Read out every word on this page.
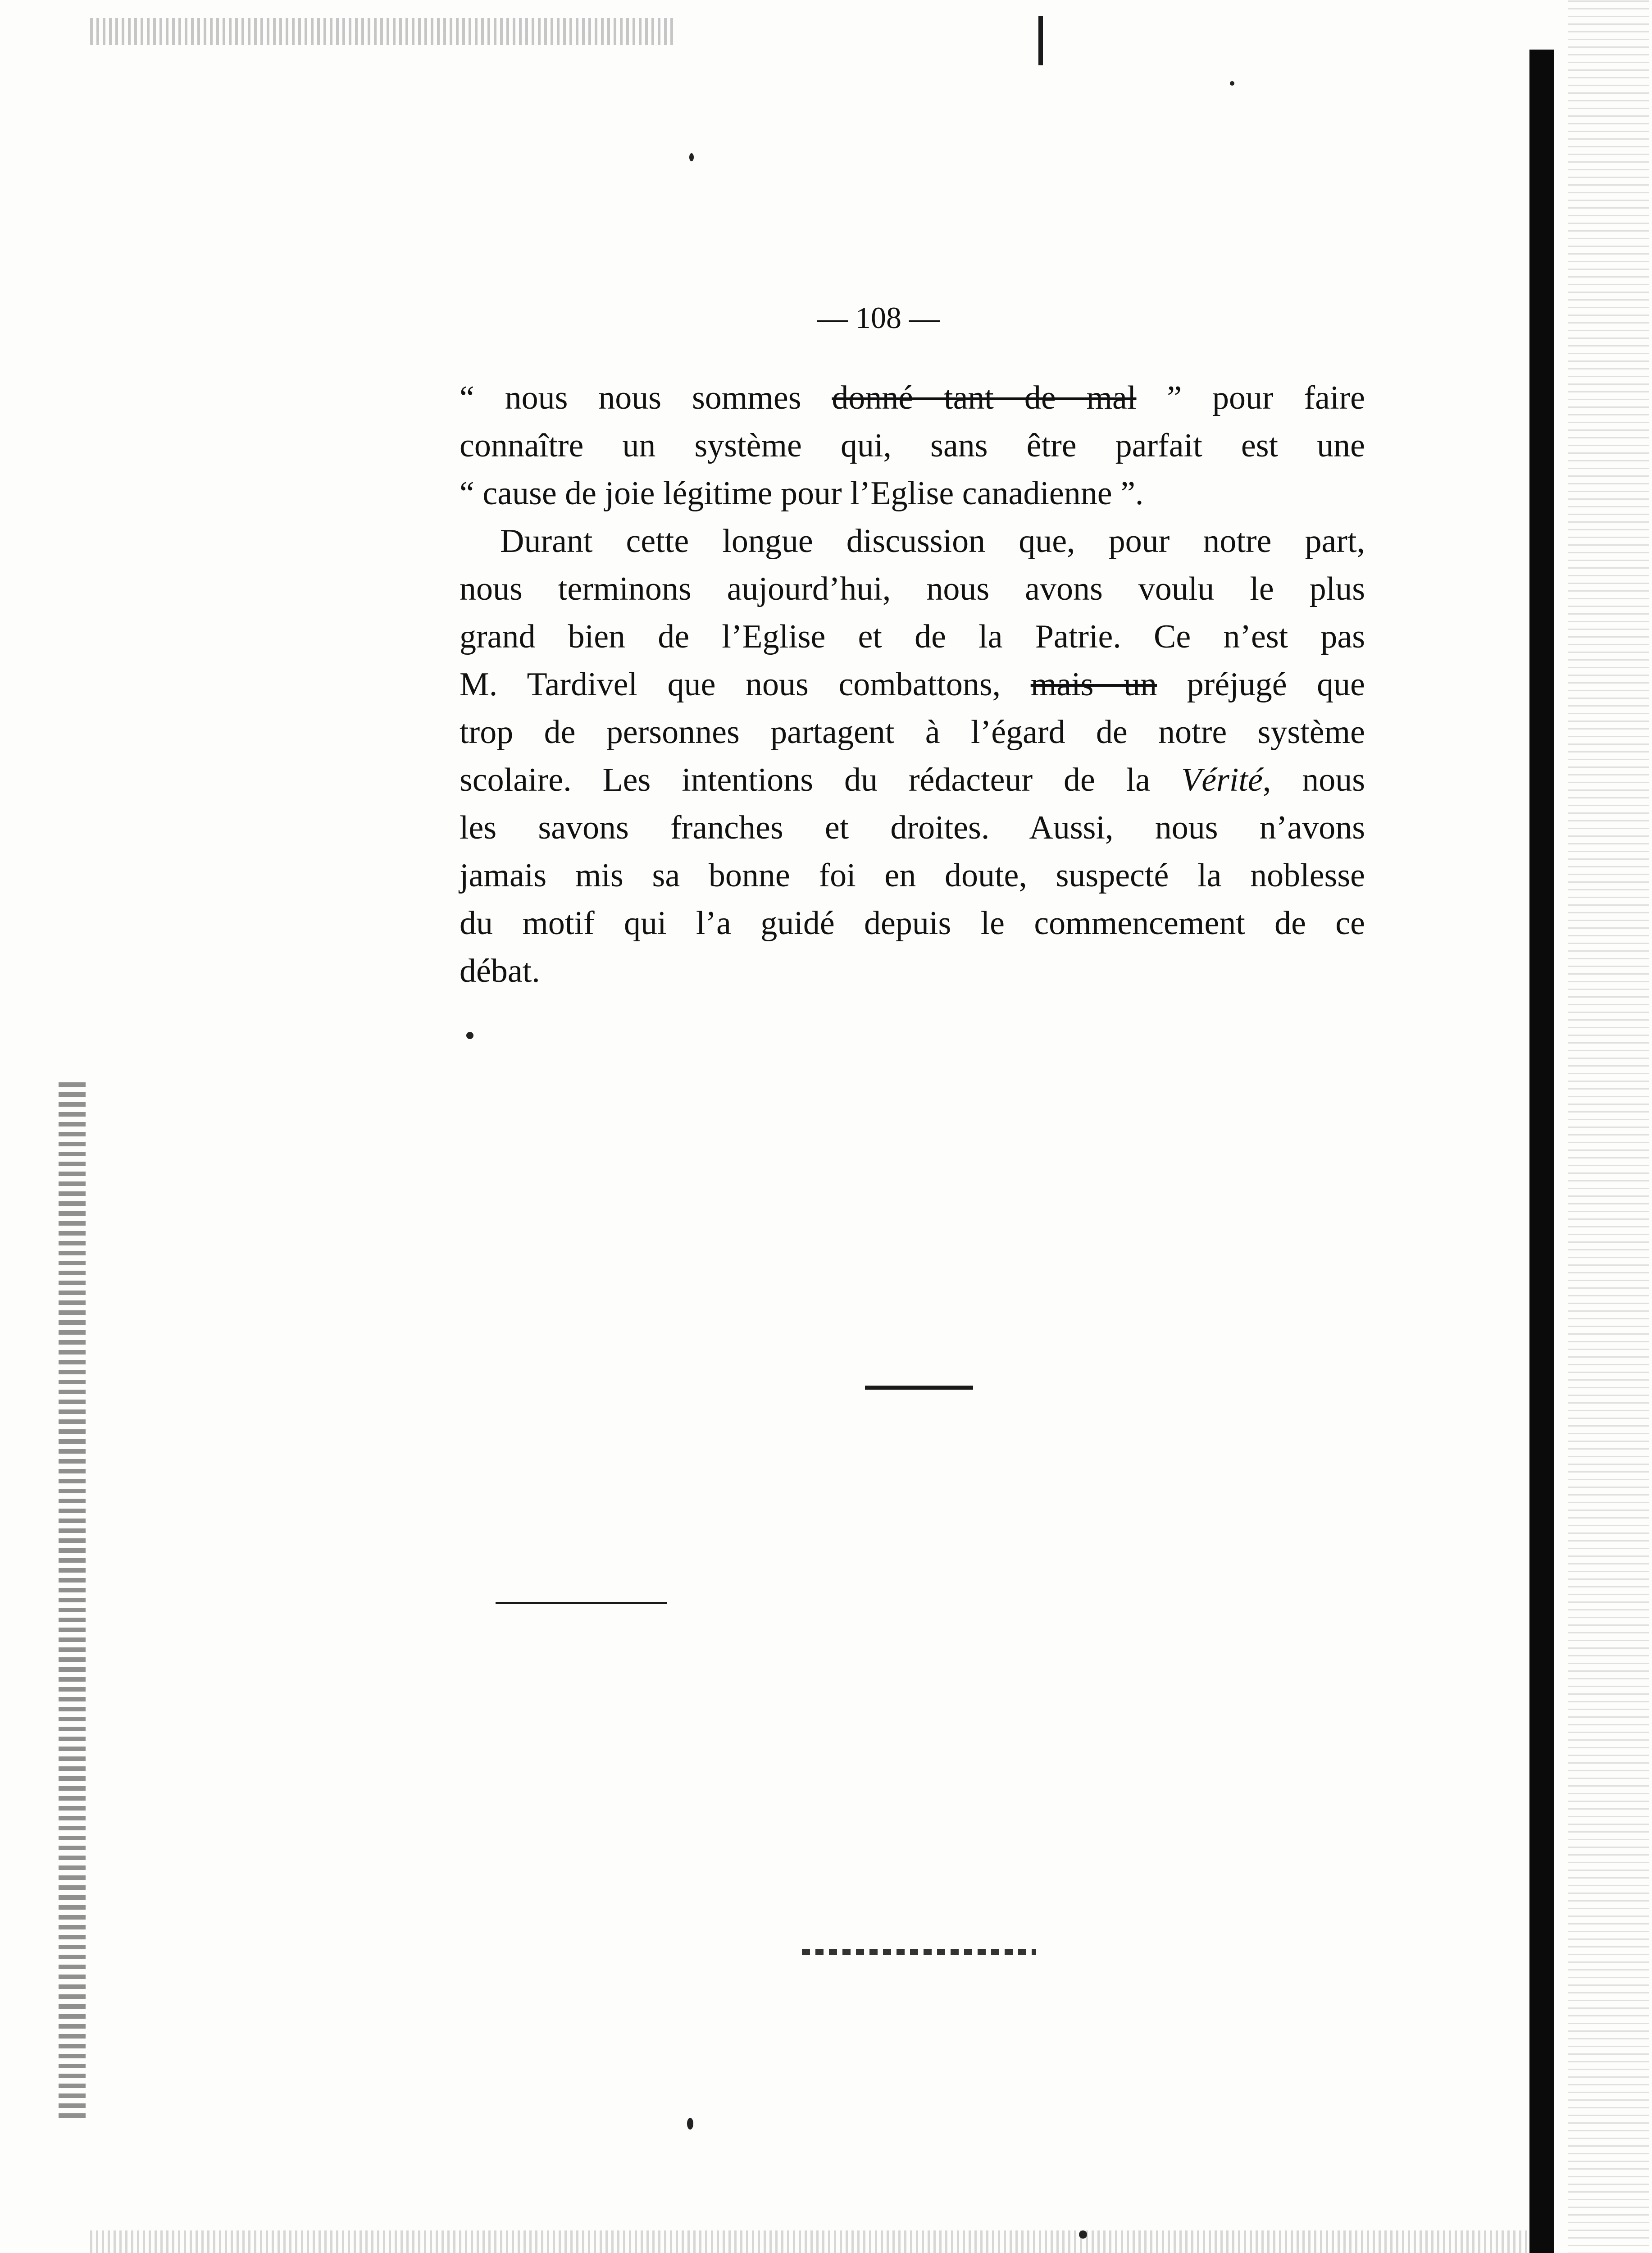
— 108 —
“ nous nous sommes donné tant de mal ” pour faire
connaître un système qui, sans être parfait est une
“ cause de joie légitime pour l’Eglise canadienne ”.
Durant cette longue discussion que, pour notre part,
nous terminons aujourd’hui, nous avons voulu le plus
grand bien de l’Eglise et de la Patrie. Ce n’est pas
M. Tardivel que nous combattons, mais un préjugé que
trop de personnes partagent à l’égard de notre système
scolaire. Les intentions du rédacteur de la Vérité, nous
les savons franches et droites. Aussi, nous n’avons
jamais mis sa bonne foi en doute, suspecté la noblesse
du motif qui l’a guidé depuis le commencement de ce
débat.
